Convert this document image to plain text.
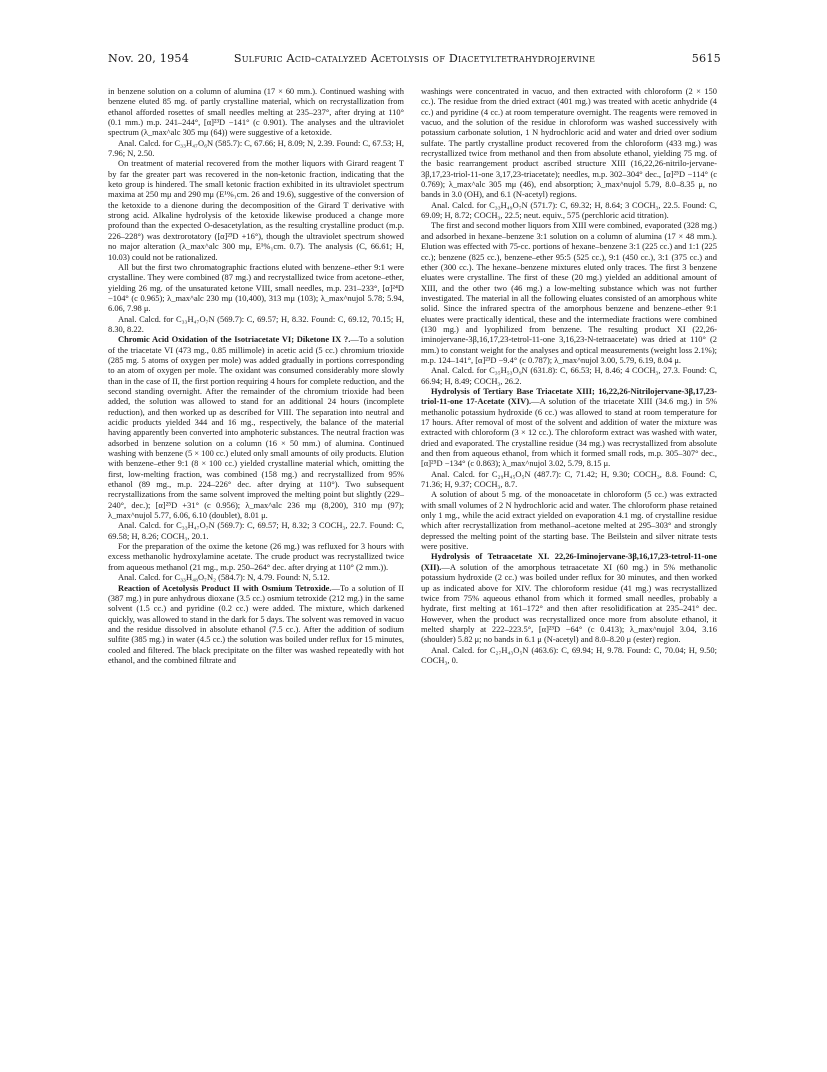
Nov. 20, 1954	Sulfuric Acid-catalyzed Acetolysis of Diacetyltetrahydrojervine	5615

in benzene solution on a column of alumina (17 × 60 mm.). Continued washing with benzene eluted 85 mg. of partly crystalline material, which on recrystallization from ethanol afforded rosettes of small needles melting at 235–237°, after drying at 110° (0.1 mm.) m.p. 241–244°, [α]²³D −141° (c 0.901). The analyses and the ultraviolet spectrum (λ_max^alc 305 mμ (64)) were suggestive of a ketoxide.

Anal. Calcd. for C₃₃H₄₇O₆N (585.7): C, 67.66; H, 8.09; N, 2.39. Found: C, 67.53; H, 7.96; N, 2.50.

On treatment of material recovered from the mother liquors with Girard reagent T by far the greater part was recovered in the non-ketonic fraction, indicating that the keto group is hindered. The small ketonic fraction exhibited in its ultraviolet spectrum maxima at 250 mμ and 290 mμ (E¹%₁cm. 26 and 19.6), suggestive of the conversion of the ketoxide to a dienone during the decomposition of the Girard T derivative with strong acid. Alkaline hydrolysis of the ketoxide likewise produced a change more profound than the expected O-desacetylation, as the resulting crystalline product (m.p. 226–228°) was dextrorotatory ([α]²³D +16°), though the ultraviolet spectrum showed no major alteration (λ_max^alc 300 mμ, E¹%₁cm. 0.7). The analysis (C, 66.61; H, 10.03) could not be rationalized.

All but the first two chromatographic fractions eluted with benzene–ether 9:1 were crystalline. They were combined (87 mg.) and recrystallized twice from acetone–ether, yielding 26 mg. of the unsaturated ketone VIII, small needles, m.p. 231–233°, [α]²⁴D −104° (c 0.965); λ_max^alc 230 mμ (10,400), 313 mμ (103); λ_max^nujol 5.78; 5.94, 6.06, 7.98 μ.

Anal. Calcd. for C₃₃H₄₇O₇N (569.7): C, 69.57; H, 8.32. Found: C, 69.12, 70.15; H, 8.30, 8.22.

Chromic Acid Oxidation of the Isotriacetate VI; Diketone IX ?.—To a solution of the triacetate VI (473 mg., 0.85 millimole) in acetic acid (5 cc.) chromium trioxide (285 mg. 5 atoms of oxygen per mole) was added gradually in portions corresponding to an atom of oxygen per mole. The oxidant was consumed considerably more slowly than in the case of II, the first portion requiring 4 hours for complete reduction, and the second standing overnight. After the remainder of the chromium trioxide had been added, the solution was allowed to stand for an additional 24 hours (incomplete reduction), and then worked up as described for VIII. The separation into neutral and acidic products yielded 344 and 16 mg., respectively, the balance of the material having apparently been converted into amphoteric substances. The neutral fraction was adsorbed in benzene solution on a column (16 × 50 mm.) of alumina. Continued washing with benzene (5 × 100 cc.) eluted only small amounts of oily products. Elution with benzene–ether 9:1 (8 × 100 cc.) yielded crystalline material which, omitting the first, low-melting fraction, was combined (158 mg.) and recrystallized from 95% ethanol (89 mg., m.p. 224–226° dec. after drying at 110°). Two subsequent recrystallizations from the same solvent improved the melting point but slightly (229–240°, dec.); [α]²⁵D +31° (c 0.956); λ_max^alc 236 mμ (8,200), 310 mμ (97); λ_max^nujol 5.77, 6.06, 6.10 (doublet), 8.01 μ.

Anal. Calcd. for C₃₃H₄₇O₇N (569.7): C, 69.57; H, 8.32; 3 COCH₃, 22.7. Found: C, 69.58; H, 8.26; COCH₃, 20.1.

For the preparation of the oxime the ketone (26 mg.) was refluxed for 3 hours with excess methanolic hydroxylamine acetate. The crude product was recrystallized twice from aqueous methanol (21 mg., m.p. 250–264° dec. after drying at 110° (2 mm.)).

Anal. Calcd. for C₃₃H₄₈O₇N₂ (584.7): N, 4.79. Found: N, 5.12.

Reaction of Acetolysis Product II with Osmium Tetroxide.—To a solution of II (387 mg.) in pure anhydrous dioxane (3.5 cc.) osmium tetroxide (212 mg.) in the same solvent (1.5 cc.) and pyridine (0.2 cc.) were added. The mixture, which darkened quickly, was allowed to stand in the dark for 5 days. The solvent was removed in vacuo and the residue dissolved in absolute ethanol (7.5 cc.). After the addition of sodium sulfite (385 mg.) in water (4.5 cc.) the solution was boiled under reflux for 15 minutes, cooled and filtered. The black precipitate on the filter was washed repeatedly with hot ethanol, and the combined filtrate and

washings were concentrated in vacuo, and then extracted with chloroform (2 × 150 cc.). The residue from the dried extract (401 mg.) was treated with acetic anhydride (4 cc.) and pyridine (4 cc.) at room temperature overnight. The reagents were removed in vacuo, and the solution of the residue in chloroform was washed successively with potassium carbonate solution, 1 N hydrochloric acid and water and dried over sodium sulfate. The partly crystalline product recovered from the chloroform (433 mg.) was recrystallized twice from methanol and then from absolute ethanol, yielding 75 mg. of the basic rearrangement product ascribed structure XIII (16,22,26-nitrilo-jervane-3β,17,23-triol-11-one 3,17,23-triacetate); needles, m.p. 302–304° dec., [α]²⁵D −114° (c 0.769); λ_max^alc 305 mμ (46), end absorption; λ_max^nujol 5.79, 8.0–8.35 μ, no bands in 3.0 (OH), and 6.1 (N-acetyl) regions.

Anal. Calcd. for C₃₃H₄₉O₇N (571.7): C, 69.32; H, 8.64; 3 COCH₃, 22.5. Found: C, 69.09; H, 8.72; COCH₃, 22.5; neut. equiv., 575 (perchloric acid titration).

The first and second mother liquors from XIII were combined, evaporated (328 mg.) and adsorbed in hexane–benzene 3:1 solution on a column of alumina (17 × 48 mm.). Elution was effected with 75-cc. portions of hexane–benzene 3:1 (225 cc.) and 1:1 (225 cc.); benzene (825 cc.), benzene–ether 95:5 (525 cc.), 9:1 (450 cc.), 3:1 (375 cc.) and ether (300 cc.). The hexane–benzene mixtures eluted only traces. The first 3 benzene eluates were crystalline. The first of these (20 mg.) yielded an additional amount of XIII, and the other two (46 mg.) a low-melting substance which was not further investigated. The material in all the following eluates consisted of an amorphous white solid. Since the infrared spectra of the amorphous benzene and benzene–ether 9:1 eluates were practically identical, these and the intermediate fractions were combined (130 mg.) and lyophilized from benzene. The resulting product XI (22,26-iminojervane-3β,16,17,23-tetrol-11-one 3,16,23-N-tetraacetate) was dried at 110° (2 mm.) to constant weight for the analyses and optical measurements (weight loss 2.1%); m.p. 124–141°, [α]²³D −9.4° (c 0.787); λ_max^nujol 3.00, 5.79, 6.19, 8.04 μ.

Anal. Calcd. for C₃₅H₅₃O₉N (631.8): C, 66.53; H, 8.46; 4 COCH₃, 27.3. Found: C, 66.94; H, 8.49; COCH₃, 26.2.

Hydrolysis of Tertiary Base Triacetate XIII; 16,22,26-Nitrilojervane-3β,17,23-triol-11-one 17-Acetate (XIV).—A solution of the triacetate XIII (34.6 mg.) in 5% methanolic potassium hydroxide (6 cc.) was allowed to stand at room temperature for 17 hours. After removal of most of the solvent and addition of water the mixture was extracted with chloroform (3 × 12 cc.). The chloroform extract was washed with water, dried and evaporated. The crystalline residue (34 mg.) was recrystallized from absolute and then from aqueous ethanol, from which it formed small rods, m.p. 305–307° dec., [α]²⁵D −134° (c 0.863); λ_max^nujol 3.02, 5.79, 8.15 μ.

Anal. Calcd. for C₂₉H₄₅O₅N (487.7): C, 71.42; H, 9.30; COCH₃, 8.8. Found: C, 71.36; H, 9.37; COCH₃, 8.7.

A solution of about 5 mg. of the monoacetate in chloroform (5 cc.) was extracted with small volumes of 2 N hydrochloric acid and water. The chloroform phase retained only 1 mg., while the acid extract yielded on evaporation 4.1 mg. of crystalline residue which after recrystallization from methanol–acetone melted at 295–303° and strongly depressed the melting point of the starting base. The Beilstein and silver nitrate tests were positive.

Hydrolysis of Tetraacetate XI. 22,26-Iminojervane-3β,16,17,23-tetrol-11-one (XII).—A solution of the amorphous tetraacetate XI (60 mg.) in 5% methanolic potassium hydroxide (2 cc.) was boiled under reflux for 30 minutes, and then worked up as indicated above for XIV. The chloroform residue (41 mg.) was recrystallized twice from 75% aqueous ethanol from which it formed small needles, probably a hydrate, first melting at 161–172° and then after resolidification at 235–241° dec. However, when the product was recrystallized once more from absolute ethanol, it melted sharply at 222–223.5°, [α]²³D −64° (c 0.413); λ_max^nujol 3.04, 3.16 (shoulder) 5.82 μ; no bands in 6.1 μ (N-acetyl) and 8.0–8.20 μ (ester) region.

Anal. Calcd. for C₂₇H₄₃O₅N (463.6): C, 69.94; H, 9.78. Found: C, 70.04; H, 9.50; COCH₃, 0.
